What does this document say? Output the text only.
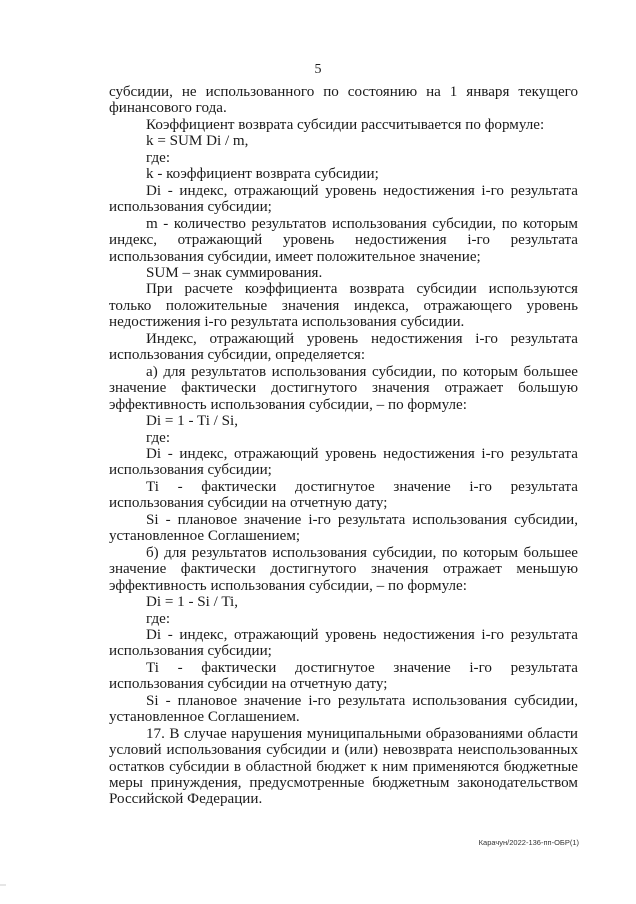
5

субсидии, не использованного по состоянию на 1 января текущего финансового года.

Коэффициент возврата субсидии рассчитывается по формуле:

k = SUM Di / m,

где:

k - коэффициент возврата субсидии;

Di - индекс, отражающий уровень недостижения i-го результата использования субсидии;

m - количество результатов использования субсидии, по которым индекс, отражающий уровень недостижения i-го результата использования субсидии, имеет положительное значение;

SUM – знак суммирования.

При расчете коэффициента возврата субсидии используются только положительные значения индекса, отражающего уровень недостижения i-го результата использования субсидии.

Индекс, отражающий уровень недостижения i-го результата использования субсидии, определяется:

а) для результатов использования субсидии, по которым большее значение фактически достигнутого значения отражает большую эффективность использования субсидии, – по формуле:

Di = 1 - Ti / Si,

где:

Di - индекс, отражающий уровень недостижения i-го результата использования субсидии;

Ti - фактически достигнутое значение i-го результата использования субсидии на отчетную дату;

Si - плановое значение i-го результата использования субсидии, установленное Соглашением;

б) для результатов использования субсидии, по которым большее значение фактически достигнутого значения отражает меньшую эффективность использования субсидии, – по формуле:

Di = 1 - Si / Ti,

где:

Di - индекс, отражающий уровень недостижения i-го результата использования субсидии;

Ti - фактически достигнутое значение i-го результата использования субсидии на отчетную дату;

Si - плановое значение i-го результата использования субсидии, установленное Соглашением.

17. В случае нарушения муниципальными образованиями области условий использования субсидии и (или) невозврата неиспользованных остатков субсидии в областной бюджет к ним применяются бюджетные меры принуждения, предусмотренные бюджетным законодательством Российской Федерации.

Карачун/2022-136-пп-ОБР(1)
